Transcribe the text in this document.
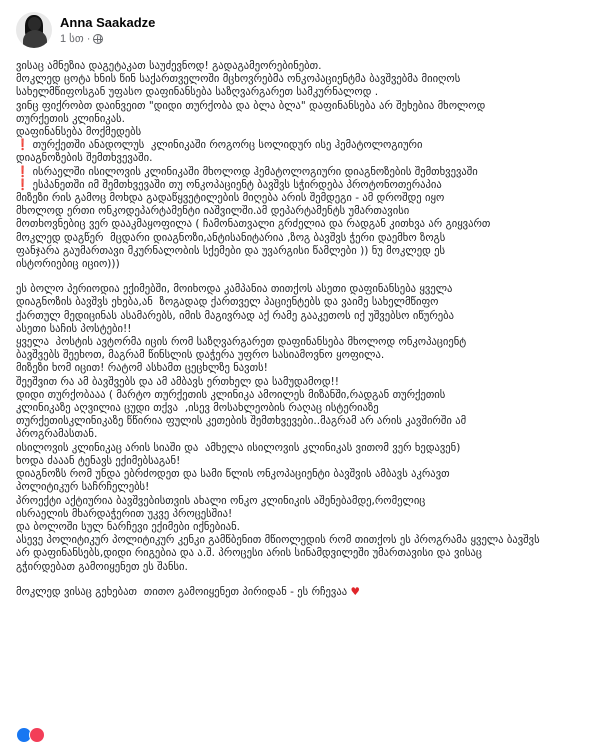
Anna Saakadze
1 სთ ·
ვისაც ამნეზია დაგეტაკათ საუძევნოდ! გადაგამეორებინებთ.
მოკლედ ცოტა ხნის წინ საქართველოში მცხოვრებმა ონკოპაციენტმა ბავშვებმა მიიღოს
სახელმწიფოსგან უფასო დაფინანსება საზღვარგარეთ სამკურნალოდ .
ვინც ფიქრობთ დაინვეით "დიდი თურქობა და ბლა ბლა" დაფინანსება არ შეხებია მხოლოდ
თურქეთის კლინიკას.
დაფინანსება მოქმედებს
❗ თურქეთში ანადოლუს  კლინიკაში როგორც სოლიდურ ისე ჰემატოლოგიური
დიაგნოზების შემთხვევაში.
❗ ისრაელში ისილოვის კლინიკაში მხოლოდ ჰემატოლოგიური დიაგნოზების შემთხვევაში
❗ ესპანეთში იმ შემთხვევაში თუ ონკოპაციენტ ბავშვს სჭირდება პროტონოთერაპია
მიზეზი რის გამოც მოხდა გადაწყვეტილების მიღება არის შემდეგი - ამ დროშდე იყო
მხოლოდ ერთი ონკოდეპარტამენტი იაშვილში.ამ დეპარტამენტს უმართავისი
მოთხოვნებიც ვერ დააკმაყოფილა ( ჩამონათვალი გრძელია და რადგან კითხვა არ გიყვართ
მოკლედ დაგწერ  მცდარი დიაგნოზი,ანტისანიტარია ,ზოგ ბავშვს ჭერი დაემხო ზოგს
ფანჯარა გაუმართავი მკურნალობის სქემები და უვარგისი წამლები )) ნუ მოკლედ ეს
ისტორიებიც იციო)))
ეს ბოლო პერიოდია ექიმებში, მოიხოდა კამპანია თითქოს ასეთი დაფინანსება ყველა
დიაგნოზის ბავშვს ეხება,ან  ზოგადად ქართველ პაციენტებს და ვაიმე სახელმწიფო
ქართულ მედიცინას ასამარებს, იმის მაგივრად აქ რამე გააკეთოს იქ უშვებსო იწურება
ასეთი საჩის პოსტები!!
ყველა  პოსტის ავტორმა იცის რომ საზღვარგარეთ დაფინანსება მხოლოდ ონკოპაციენტ
ბავშვებს შეეხოთ, მაგრამ წინსლის დაჭერა უფრო სასიამოვნო ყოფილა.
მიზეზი ხომ იცით! რატომ ასხამთ ცეცხლზე ნავთს!
შეეშვით რა ამ ბავშვებს და ამ ამბავს ერთხელ და სამუდამოდ!!
დიდი თურქობააა ( მარტო თურქეთის კლინიკა ამოილეს მიზანში,რადგან თურქეთის
კლინიკაზე აღვილია ცუდი თქვა  ,ისევ მოსახლეობის რაღაც ისტერიაზე
თურქეთისკლინიკაზე წწირია ფულის კეთების შემთხვევები..მაგრამ არ არის კავშირში ამ
პროგრამასთან.
ისილოვის კლინიკაც არის სიაში და  ამხელა ისილოვის კლინიკას ვითომ ვერ ხედავენ)
ხოდა ძააან ტენავს ექიმებსაგან!
დიაგნოზს რომ უნდა ებრძოდეთ და სამი წლის ონკოპაციენტი ბავშვის ამბავს აკრავთ
პოლიტიკურ საჩრჩელებს!
პროექტი აქტიურია ბავშვებისთვის ახალი ონკო კლინიკის აშენებამდე,რომელიც
ისრაელის მხარდაჭერით უკვე პროცესშია!
და ბოლოში სულ ნარჩევი ექიმები იქნებიან.
ასევე პოლიტიკურ პოლიტიკურ კენკი გამწბენით მწიოლედის რომ თითქოს ეს პროგრამა ყველა ბავშვს
არ დაფინანსებს,დიდი რიგებია და ა.შ. პროცესი არის სინამდვილეში უმართავისი და ვისაც
გჭირდებათ გამოიყენეთ ეს შანსი.
მოკლედ ვისაც გეხებათ  თითო გამოიყენეთ პირიდან - ეს რჩევაა ♥
